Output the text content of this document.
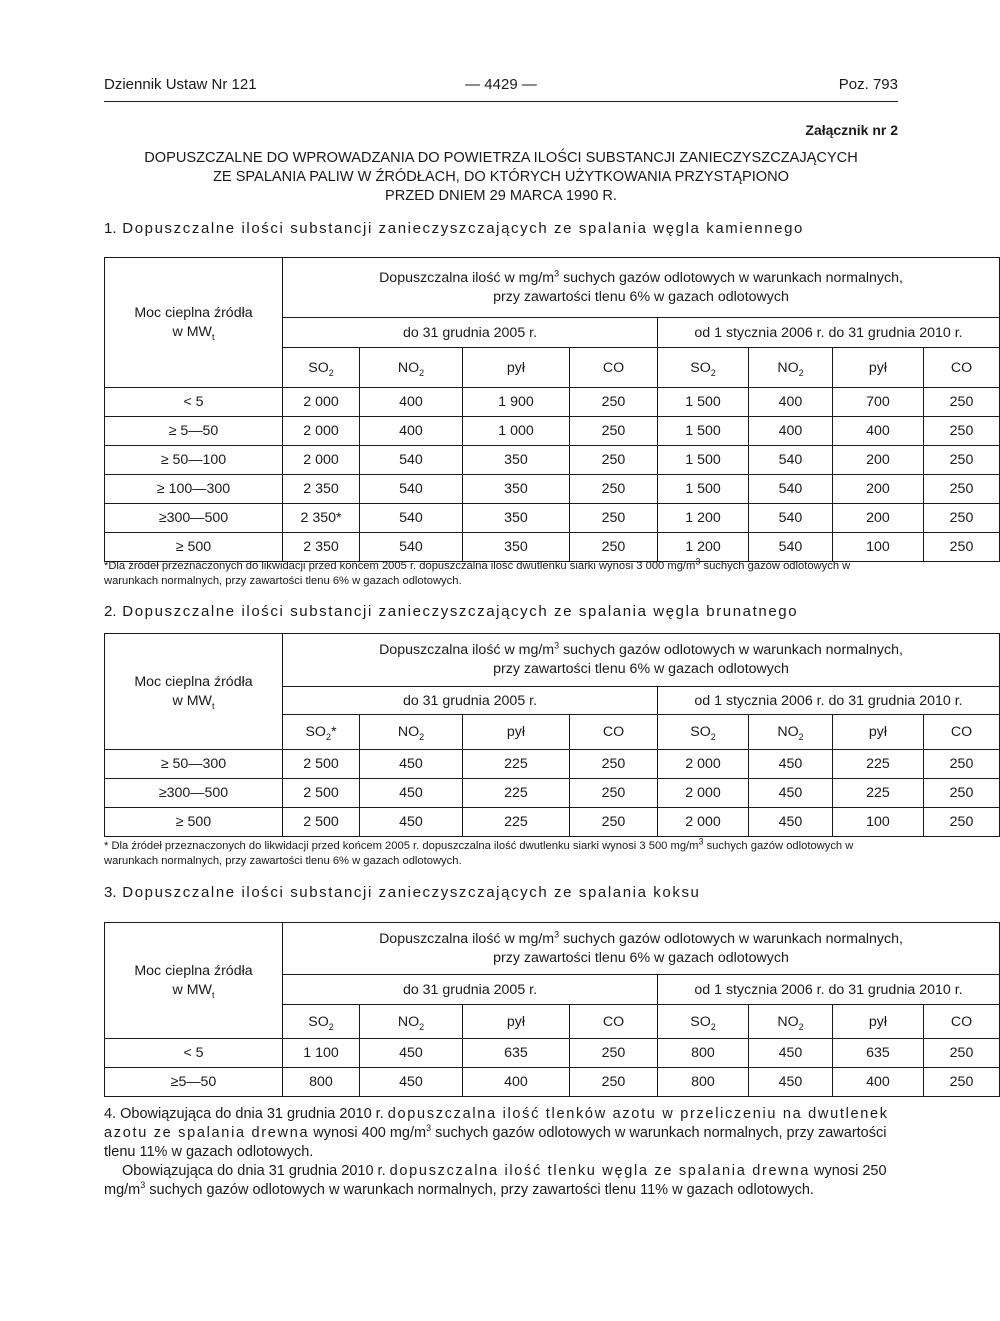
Dziennik Ustaw Nr 121	— 4429 —	Poz. 793
Załącznik nr 2
DOPUSZCZALNE DO WPROWADZANIA DO POWIETRZA ILOŚCI SUBSTANCJI ZANIECZYSZCZAJĄCYCH
ZE SPALANIA PALIW W ŹRÓDŁACH, DO KTÓRYCH UŻYTKOWANIA PRZYSTĄPIONO
PRZED DNIEM 29 MARCA 1990 R.
1. Dopuszczalne ilości substancji zanieczyszczających ze spalania węgla kamiennego
Moc cieplna źródła
w $MW_t$	Dopuszczalna ilość w $mg/m^3$ suchych gazów odlotowych w warunkach normalnych,
przy zawartości tlenu 6% w gazach odlotowych							
	do 31 grudnia 2005 r.				od 1 stycznia 2006 r. do 31 grudnia 2010 r.			
	$SO_2$	$NO_2$	pył	CO	$SO_2$	$NO_2$	pył	CO
< 5	2 000	400	1 900	250	1 500	400	700	250
≥ 5—50	2 000	400	1 000	250	1 500	400	400	250
≥ 50—100	2 000	540	350	250	1 500	540	200	250
≥ 100—300	2 350	540	350	250	1 500	540	200	250
≥300—500	2 350*	540	350	250	1 200	540	200	250
≥ 500	2 350	540	350	250	1 200	540	100	250
*Dla źródeł przeznaczonych do likwidacji przed końcem 2005 r. dopuszczalna ilość dwutlenku siarki wynosi 3 000 $mg/m^3$ suchych gazów odlotowych w warunkach normalnych, przy zawartości tlenu 6% w gazach odlotowych.
2. Dopuszczalne ilości substancji zanieczyszczających ze spalania węgla brunatnego
Moc cieplna źródła
w $MW_t$	Dopuszczalna ilość w $mg/m^3$ suchych gazów odlotowych w warunkach normalnych,
przy zawartości tlenu 6% w gazach odlotowych							
	do 31 grudnia 2005 r.				od 1 stycznia 2006 r. do 31 grudnia 2010 r.			
	$SO_2*$	$NO_2$	pył	CO	$SO_2$	$NO_2$	pył	CO
≥ 50—300	2 500	450	225	250	2 000	450	225	250
≥300—500	2 500	450	225	250	2 000	450	225	250
≥ 500	2 500	450	225	250	2 000	450	100	250
* Dla źródeł przeznaczonych do likwidacji przed końcem 2005 r. dopuszczalna ilość dwutlenku siarki wynosi 3 500 $mg/m^3$ suchych gazów odlotowych w warunkach normalnych, przy zawartości tlenu 6% w gazach odlotowych.
3. Dopuszczalne ilości substancji zanieczyszczających ze spalania koksu
Moc cieplna źródła
w $MW_t$	Dopuszczalna ilość w $mg/m^3$ suchych gazów odlotowych w warunkach normalnych,
przy zawartości tlenu 6% w gazach odlotowych							
	do 31 grudnia 2005 r.				od 1 stycznia 2006 r. do 31 grudnia 2010 r.			
	$SO_2$	$NO_2$	pył	CO	$SO_2$	$NO_2$	pył	CO
< 5	1 100	450	635	250	800	450	635	250
≥5—50	800	450	400	250	800	450	400	250
4. Obowiązująca do dnia 31 grudnia 2010 r. dopuszczalna ilość tlenków azotu w przeliczeniu na dwutlenek azotu ze spalania drewna wynosi 400 $mg/m^3$ suchych gazów odlotowych w warunkach normalnych, przy zawartości tlenu 11% w gazach odlotowych.
Obowiązująca do dnia 31 grudnia 2010 r. dopuszczalna ilość tlenku węgla ze spalania drewna wynosi 250 $mg/m^3$ suchych gazów odlotowych w warunkach normalnych, przy zawartości tlenu 11% w gazach odlotowych.
